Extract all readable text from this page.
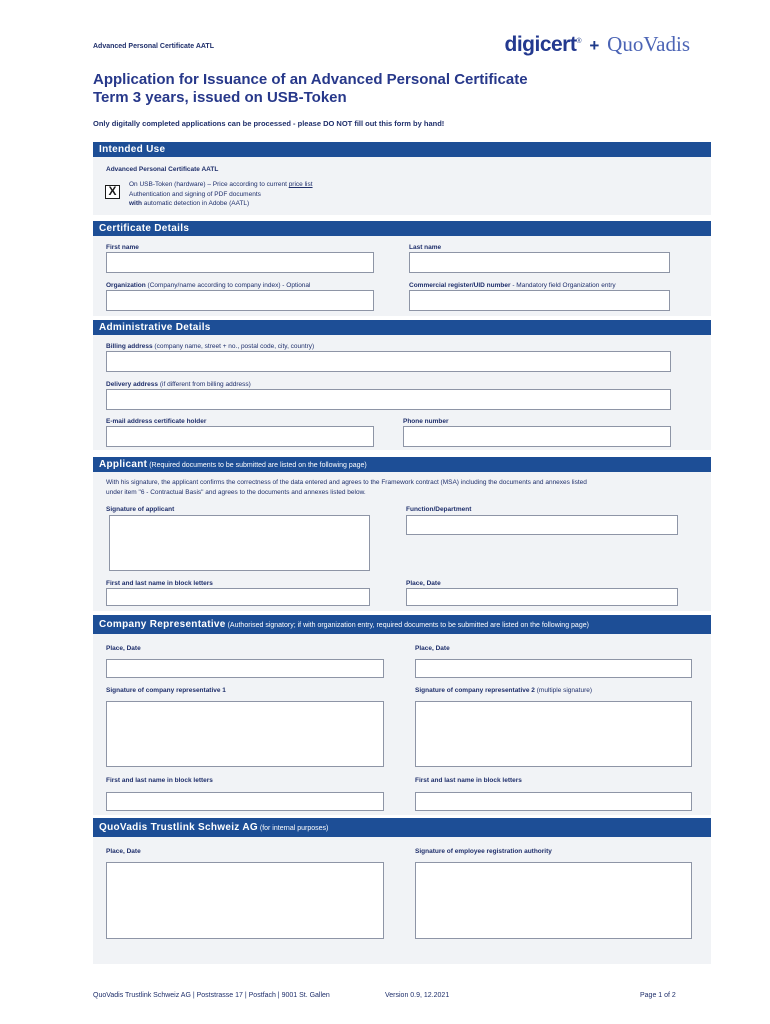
Advanced Personal Certificate AATL	digicert® + QuoVadis
Application for Issuance of an Advanced Personal Certificate
Term 3 years, issued on USB-Token
Only digitally completed applications can be processed - please DO NOT fill out this form by hand!
Intended Use
Advanced Personal Certificate AATL
X	On USB-Token (hardware) – Price according to current price list
Authentication and signing of PDF documents
with automatic detection in Adobe (AATL)
Certificate Details
First name	Last name
Organization (Company/name according to company index) - Optional	Commercial register/UID number - Mandatory field Organization entry
Administrative Details
Billing address (company name, street + no., postal code, city, country)
Delivery address (if different from billing address)
E-mail address certificate holder	Phone number
Applicant (Required documents to be submitted are listed on the following page)
With his signature, the applicant confirms the correctness of the data entered and agrees to the Framework contract (MSA) including the documents and annexes listed
under item "6 - Contractual Basis" and agrees to the documents and annexes listed below.
Signature of applicant	Function/Department
First and last name in block letters	Place, Date
Company Representative (Authorised signatory; if with organization entry, required documents to be submitted are listed on the following page)
Place, Date	Place, Date
Signature of company representative 1	Signature of company representative 2 (multiple signature)
First and last name in block letters	First and last name in block letters
QuoVadis Trustlink Schweiz AG (for internal purposes)
Place, Date	Signature of employee registration authority
QuoVadis Trustlink Schweiz AG | Poststrasse 17 | Postfach | 9001 St. Gallen	Version 0.9, 12.2021	Page 1 of 2
